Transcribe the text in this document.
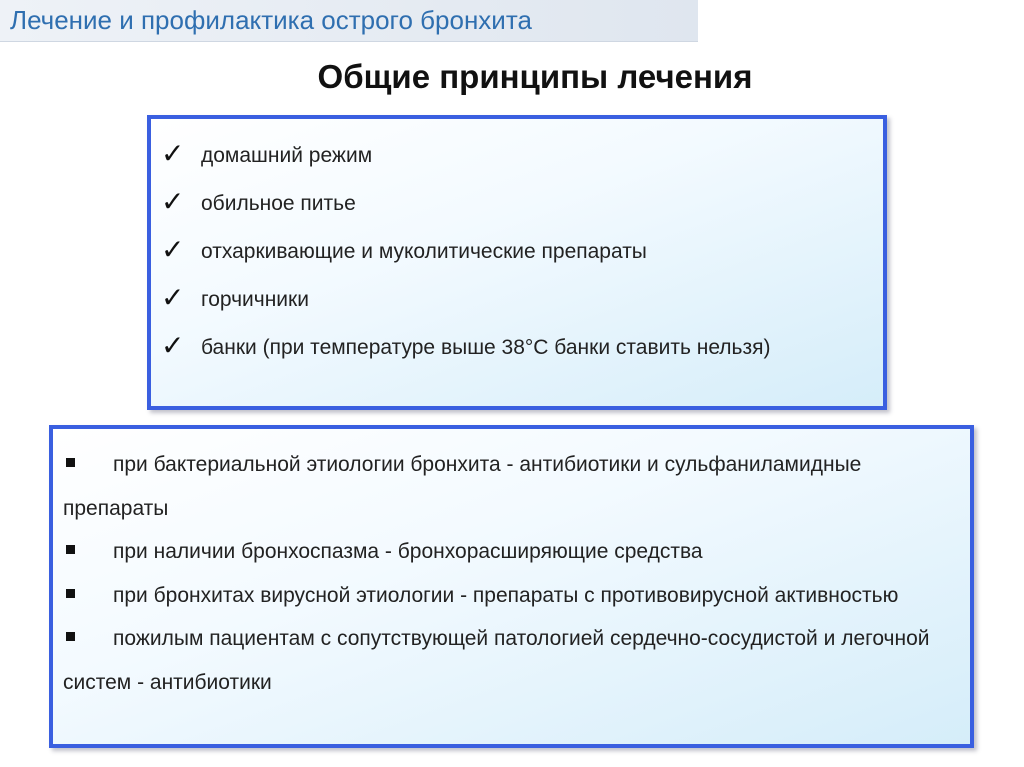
Лечение и профилактика острого бронхита
Общие принципы лечения
✓ домашний режим
✓ обильное питье
✓ отхаркивающие и муколитические препараты
✓ горчичники
✓ банки (при температуре выше 38°С банки ставить нельзя)
при бактериальной этиологии бронхита - антибиотики и сульфаниламидные препараты
при наличии бронхоспазма - бронхорасширяющие средства
при бронхитах вирусной этиологии - препараты с противовирусной активностью
пожилым пациентам с сопутствующей патологией сердечно-сосудистой и легочной систем - антибиотики
